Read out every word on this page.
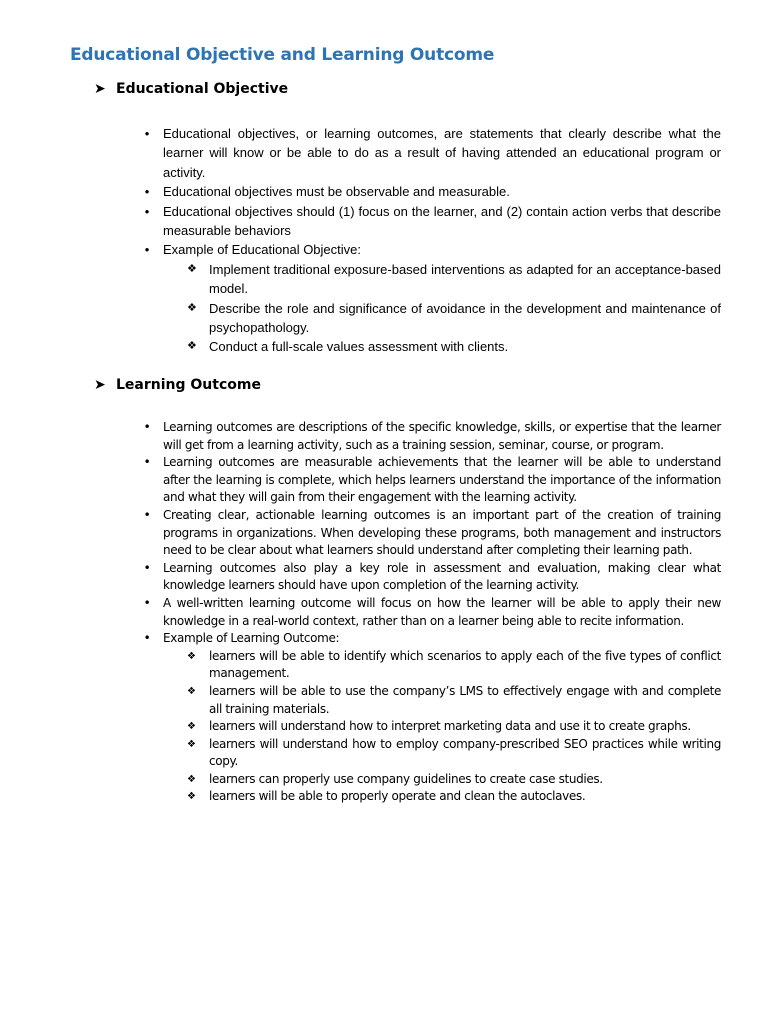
Educational Objective and Learning Outcome
➤ Educational Objective
• Educational objectives, or learning outcomes, are statements that clearly describe what the learner will know or be able to do as a result of having attended an educational program or activity.
• Educational objectives must be observable and measurable.
• Educational objectives should (1) focus on the learner, and (2) contain action verbs that describe measurable behaviors
• Example of Educational Objective:
❖ Implement traditional exposure-based interventions as adapted for an acceptance-based model.
❖ Describe the role and significance of avoidance in the development and maintenance of psychopathology.
❖ Conduct a full-scale values assessment with clients.
➤ Learning Outcome
• Learning outcomes are descriptions of the specific knowledge, skills, or expertise that the learner will get from a learning activity, such as a training session, seminar, course, or program.
• Learning outcomes are measurable achievements that the learner will be able to understand after the learning is complete, which helps learners understand the importance of the information and what they will gain from their engagement with the learning activity.
• Creating clear, actionable learning outcomes is an important part of the creation of training programs in organizations. When developing these programs, both management and instructors need to be clear about what learners should understand after completing their learning path.
• Learning outcomes also play a key role in assessment and evaluation, making clear what knowledge learners should have upon completion of the learning activity.
• A well-written learning outcome will focus on how the learner will be able to apply their new knowledge in a real-world context, rather than on a learner being able to recite information.
• Example of Learning Outcome:
❖ learners will be able to identify which scenarios to apply each of the five types of conflict management.
❖ learners will be able to use the company’s LMS to effectively engage with and complete all training materials.
❖ learners will understand how to interpret marketing data and use it to create graphs.
❖ learners will understand how to employ company-prescribed SEO practices while writing copy.
❖ learners can properly use company guidelines to create case studies.
❖ learners will be able to properly operate and clean the autoclaves.
